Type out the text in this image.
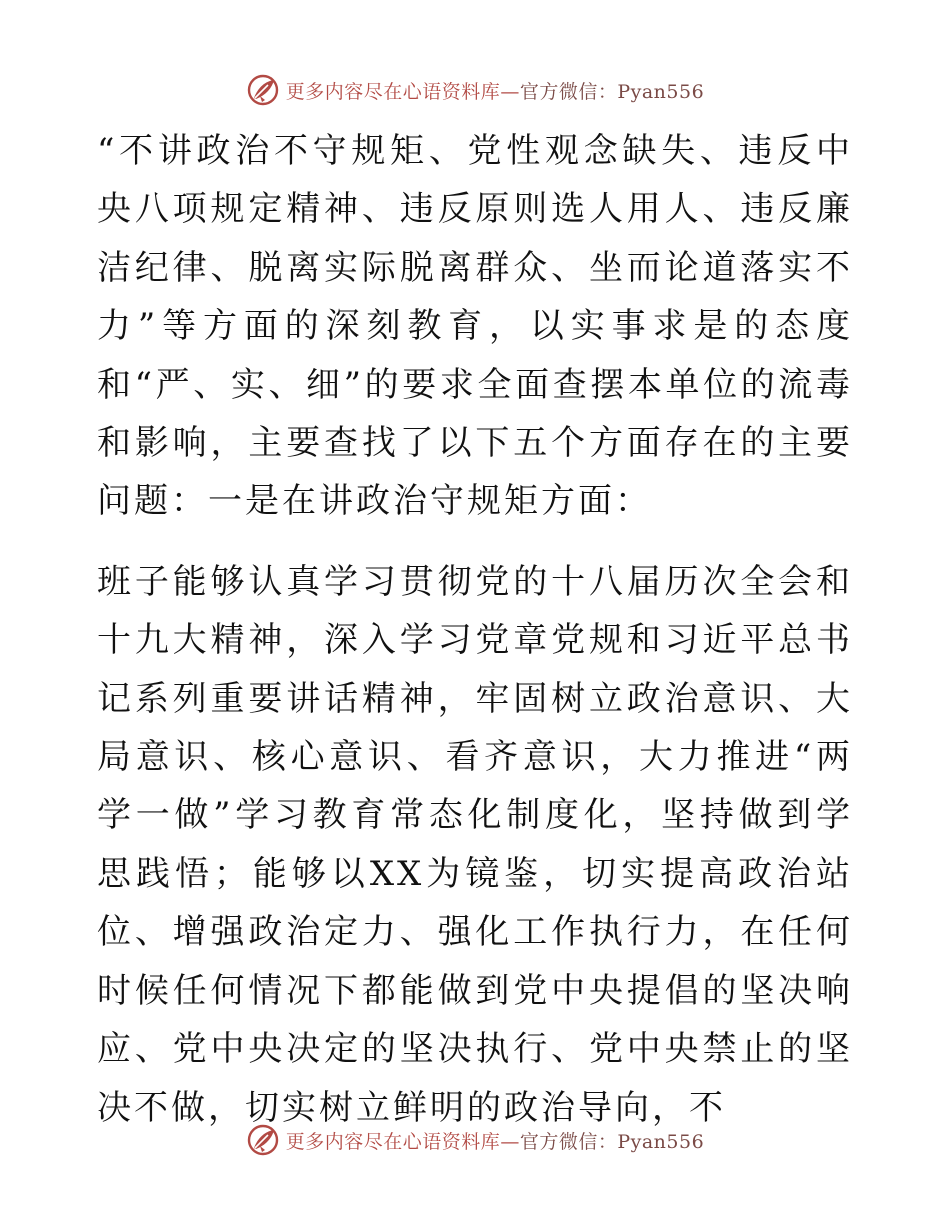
更多内容尽在心语资料库—官方微信：Pyan556

“不讲政治不守规矩、党性观念缺失、违反中央八项规定精神、违反原则选人用人、违反廉洁纪律、脱离实际脱离群众、坐而论道落实不力”等方面的深刻教育，以实事求是的态度和“严、实、细”的要求全面查摆本单位的流毒和影响，主要查找了以下五个方面存在的主要问题：一是在讲政治守规矩方面：

班子能够认真学习贯彻党的十八届历次全会和十九大精神，深入学习党章党规和习近平总书记系列重要讲话精神，牢固树立政治意识、大局意识、核心意识、看齐意识，大力推进“两学一做”学习教育常态化制度化，坚持做到学思践悟；能够以XX为镜鉴，切实提高政治站位、增强政治定力、强化工作执行力，在任何时候任何情况下都能做到党中央提倡的坚决响应、党中央决定的坚决执行、党中央禁止的坚决不做，切实树立鲜明的政治导向，不

更多内容尽在心语资料库—官方微信：Pyan556
